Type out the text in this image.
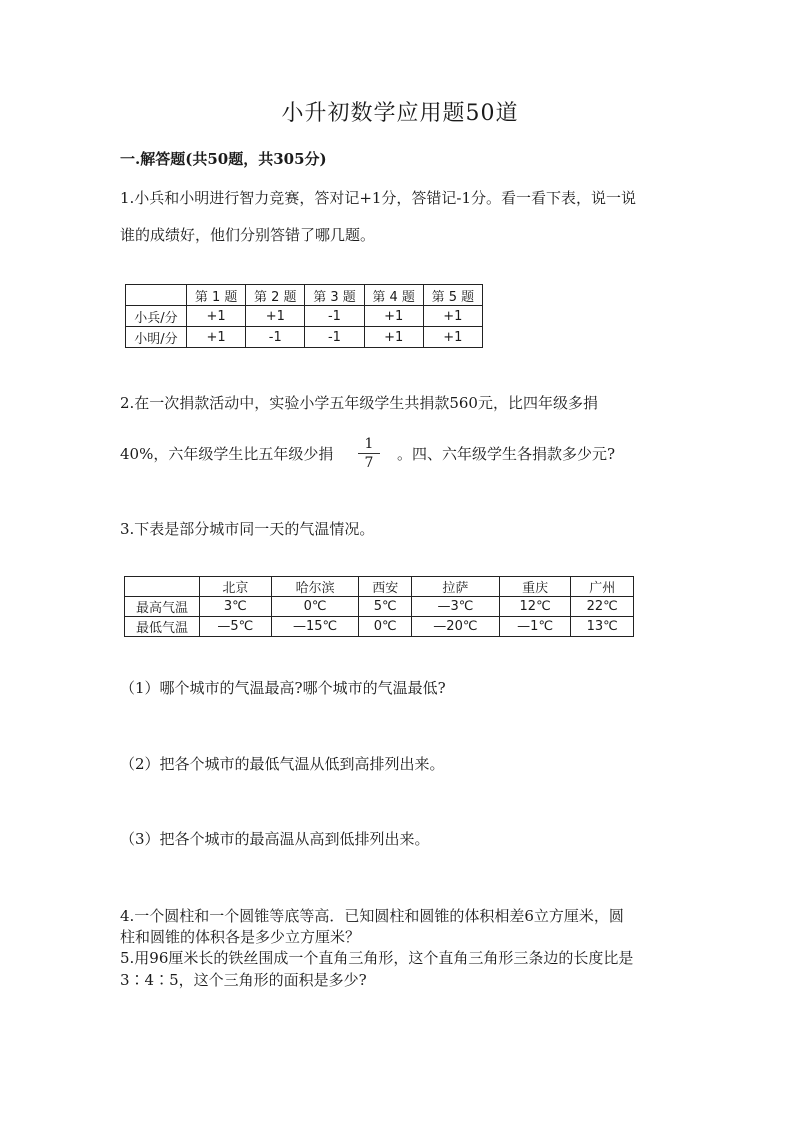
小升初数学应用题50道
一.解答题(共50题，共305分)
1.小兵和小明进行智力竞赛，答对记+1分，答错记-1分。看一看下表，说一说
谁的成绩好，他们分别答错了哪几题。
	第 1 题	第 2 题	第 3 题	第 4 题	第 5 题
小兵/分	+1	+1	-1	+1	+1
小明/分	+1	-1	-1	+1	+1
2.在一次捐款活动中，实验小学五年级学生共捐款560元，比四年级多捐
40%，六年级学生比五年级少捐
1
7	。四、六年级学生各捐款多少元?
3.下表是部分城市同一天的气温情况。
	北京	哈尔滨	西安	拉萨	重庆	广州
最高气温	3℃	0℃	5℃	—3℃	12℃	22℃
最低气温	—5℃	—15℃	0℃	—20℃	—1℃	13℃
（1）哪个城市的气温最高?哪个城市的气温最低?
（2）把各个城市的最低气温从低到高排列出来。
（3）把各个城市的最高温从高到低排列出来。
4.一个圆柱和一个圆锥等底等高．已知圆柱和圆锥的体积相差6立方厘米，圆
柱和圆锥的体积各是多少立方厘米？
5.用96厘米长的铁丝围成一个直角三角形，这个直角三角形三条边的长度比是
3∶4∶5，这个三角形的面积是多少?
